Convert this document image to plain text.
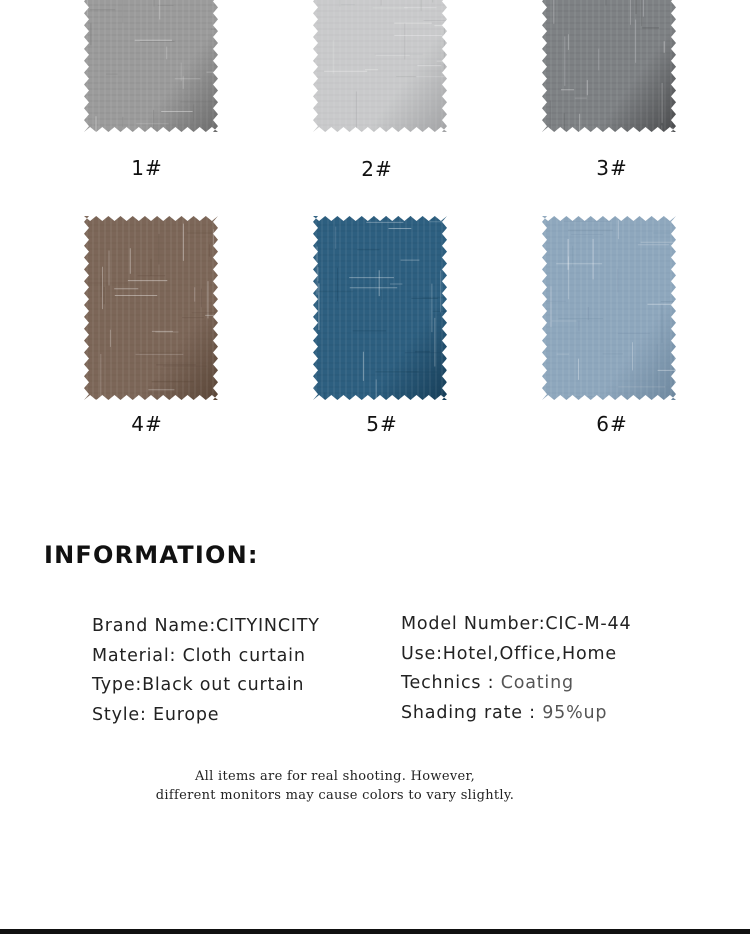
1#	2#	3#
4#	5#	6#
INFORMATION:
Brand Name:CITYINCITY
Material: Cloth curtain
Type:Black out curtain
Style: Europe
Model Number:CIC-M-44
Use:Hotel,Office,Home
Technics : Coating
Shading rate : 95%up
All items are for real shooting. However,
different monitors may cause colors to vary slightly.
